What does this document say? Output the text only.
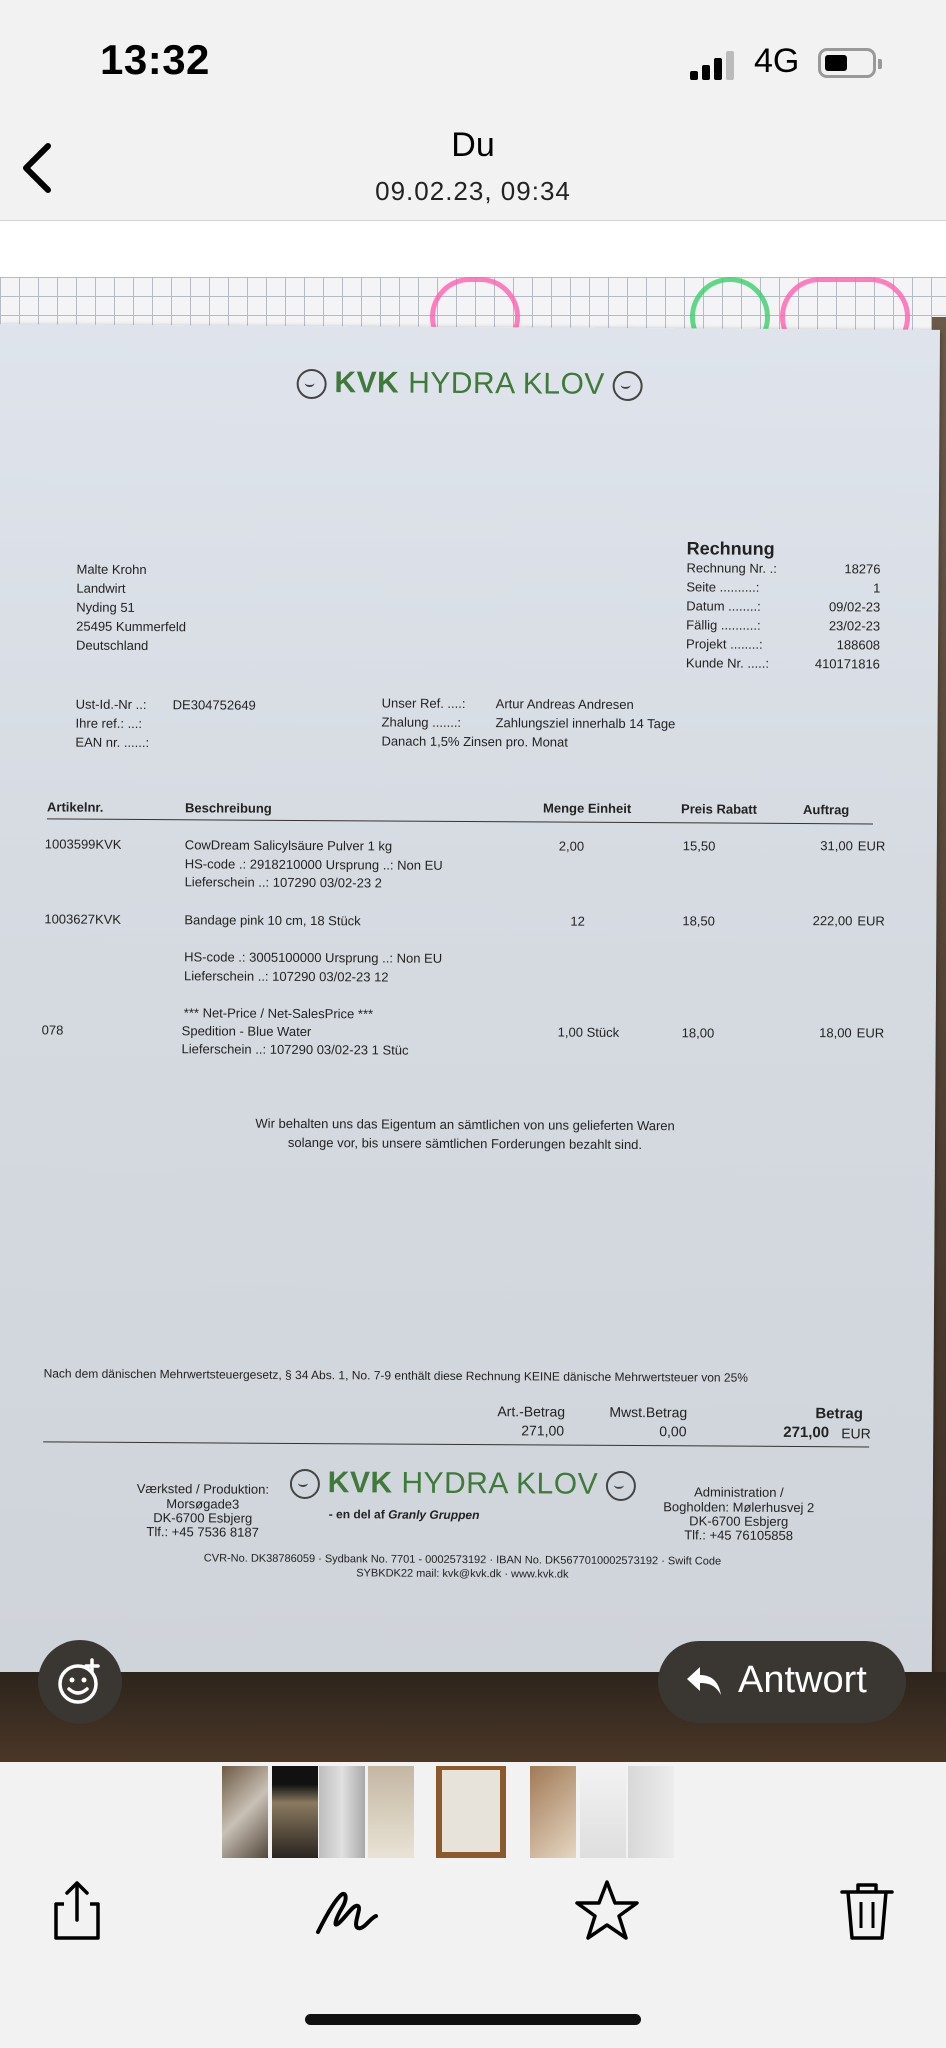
13:32	4G
Du
09.02.23, 09:34
KVK HYDRA KLOV
Malte Krohn
Landwirt
Nyding 51
25495 Kummerfeld
Deutschland
Rechnung
Rechnung Nr. .:	18276
Seite ..........:	1
Datum ........:	09/02-23
Fällig ..........:	23/02-23
Projekt ........:	188608
Kunde Nr. .....:	410171816
Ust-Id.-Nr ..: DE304752649
Ihre ref.: ...:
EAN nr. ......:
Unser Ref. ....: Artur Andreas Andresen
Zhalung .......:	Zahlungsziel innerhalb 14 Tage
Danach 1,5% Zinsen pro. Monat
Artikelnr.	Beschreibung	Menge Einheit	Preis Rabatt	Auftrag
1003599KVK	CowDream Salicylsäure Pulver 1 kg	2,00	15,50	31,00 EUR
HS-code .: 2918210000 Ursprung ..: Non EU
Lieferschein ..: 107290 03/02-23 2
1003627KVK	Bandage pink 10 cm, 18 Stück	12	18,50	222,00 EUR
HS-code .: 3005100000 Ursprung ..: Non EU
Lieferschein ..: 107290 03/02-23 12
*** Net-Price / Net-SalesPrice ***
078	Spedition - Blue Water	1,00 Stück	18,00	18,00 EUR
Lieferschein ..: 107290 03/02-23 1 Stüc
Wir behalten uns das Eigentum an sämtlichen von uns gelieferten Waren
solange vor, bis unsere sämtlichen Forderungen bezahlt sind.
Nach dem dänischen Mehrwertsteuergesetz, § 34 Abs. 1, No. 7-9 enthält diese Rechnung KEINE dänische Mehrwertsteuer von 25%
Art.-Betrag
271,00
Mwst.Betrag
0,00
Betrag
271,00 EUR
KVK HYDRA KLOV
- en del af Granly Gruppen
Værksted / Produktion:
Morsøgade3
DK-6700 Esbjerg
Tlf.: +45 7536 8187
Administration /
Bogholden: Mølerhusvej 2
DK-6700 Esbjerg
Tlf.: +45 76105858
CVR-No. DK38786059 · Sydbank No. 7701 - 0002573192 · IBAN No. DK5677010002573192 · Swift Code
SYBKDK22 mail: kvk@kvk.dk · www.kvk.dk
Antwort
